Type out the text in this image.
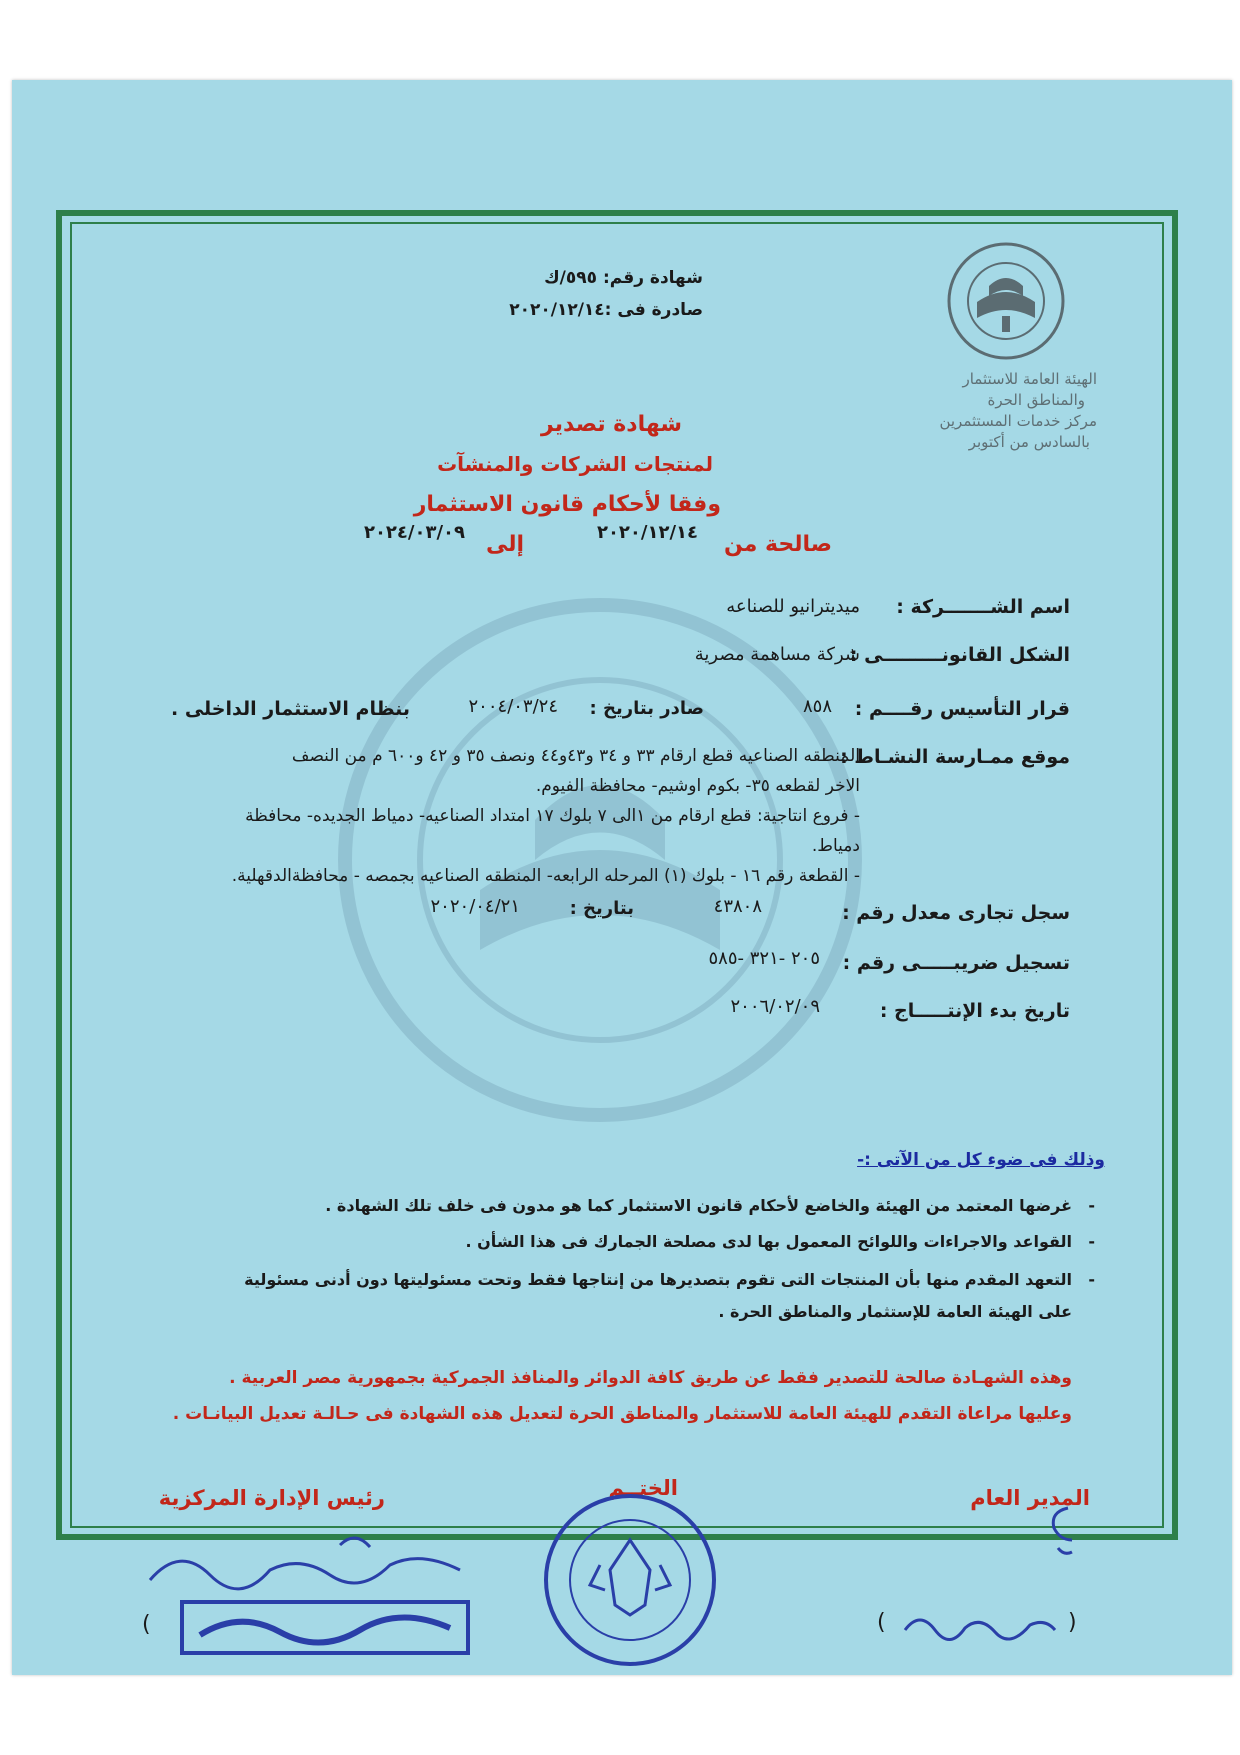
شهادة رقم: ٥٩٥/ك
صادرة فى :٢٠٢٠/١٢/١٤
الهيئة العامة للاستثمار
والمناطق الحرة
مركز خدمات المستثمرين
بالسادس من أكتوبر
شهادة تصدير
لمنتجات الشركات والمنشآت
وفقا لأحكام قانون الاستثمار
صالحة من
٢٠٢٠/١٢/١٤
إلى
٢٠٢٤/٠٣/٠٩
اسم الشـــــــركة :
ميديترانيو للصناعه
الشكل القانونـــــــــى :
شركة مساهمة مصرية
قرار التأسيس رقــــم :
٨٥٨
صادر بتاريخ :
٢٠٠٤/٠٣/٢٤
بنظام الاستثمار الداخلى .
موقع ممـارسة النشـاط :
المنطقه الصناعيه قطع ارقام ٣٣ و ٣٤ و٤٣و٤٤ ونصف ٣٥ و ٤٢ و٦٠٠ م من النصف
الاخر لقطعه ٣٥- بكوم اوشيم- محافظة الفيوم.
- فروع انتاجية: قطع ارقام من ١الى ٧ بلوك ١٧ امتداد الصناعيه- دمياط الجديده- محافظة
دمياط.
- القطعة رقم ١٦ - بلوك (١) المرحله الرابعه- المنطقه الصناعيه بجمصه - محافظةالدقهلية.
سجل تجارى معدل رقم :
٤٣٨٠٨
بتاريخ :
٢٠٢٠/٠٤/٢١
تسجيل ضريبـــــى رقم :
٢٠٥ -٣٢١ -٥٨٥
تاريخ بدء الإنتـــــاج :
٢٠٠٦/٠٢/٠٩
وذلك فى ضوء كل من الآتى :-
-
غرضها المعتمد من الهيئة والخاضع لأحكام قانون الاستثمار كما هو مدون فى خلف تلك الشهادة .
-
القواعد والاجراءات واللوائح المعمول بها لدى مصلحة الجمارك فى هذا الشأن .
-
التعهد المقدم منها بأن المنتجات التى تقوم بتصديرها من إنتاجها فقط وتحت مسئوليتها دون أدنى مسئولية
على الهيئة العامة للإستثمار والمناطق الحرة .
وهذه الشهـادة صالحة للتصدير فقط عن طريق كافة الدوائر والمنافذ الجمركية بجمهورية مصر العربية .
وعليها مراعاة التقدم للهيئة العامة للاستثمار والمناطق الحرة لتعديل هذه الشهادة فى حـالـة تعديل البيانـات .
رئيس الإدارة المركزية	الختــم	المدير العام
)	)	(
